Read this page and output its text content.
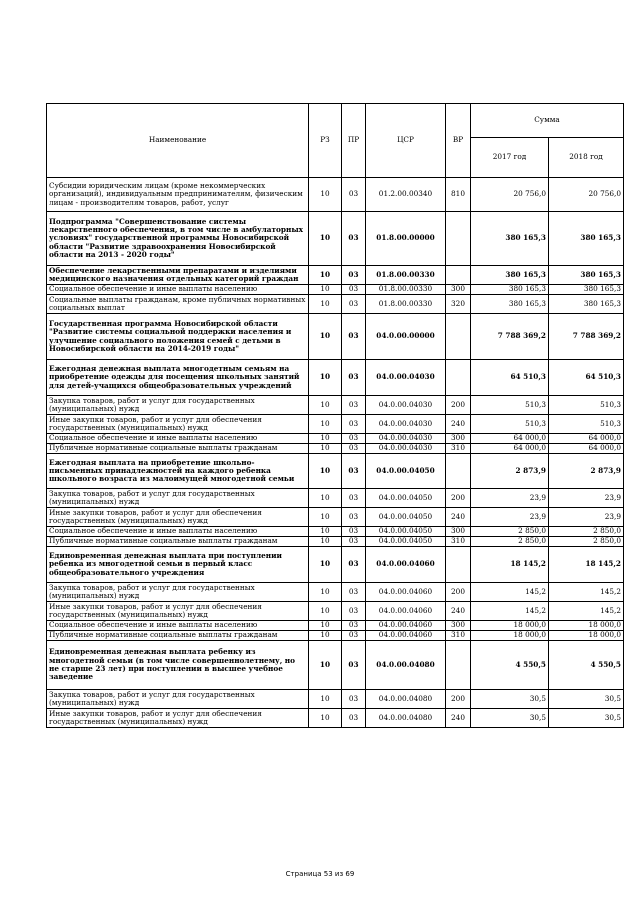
Наименование	РЗ	ПР	ЦСР	ВР	Сумма	
					2017 год	2018 год
Субсидии юридическим лицам (кроме некоммерческих организаций), индивидуальным предпринимателям, физическим лицам - производителям товаров, работ, услуг	10	03	01.2.00.00340	810	20 756,0	20 756,0
Подпрограмма "Совершенствование системы лекарственного обеспечения, в том числе в амбулаторных условиях" государственной программы Новосибирской области "Развитие здравоохранения Новосибирской области на 2013 - 2020 годы"	10	03	01.8.00.00000		380 165,3	380 165,3
Обеспечение лекарственными препаратами и изделиями медицинского назначения отдельных категорий граждан	10	03	01.8.00.00330		380 165,3	380 165,3
Социальное обеспечение и иные выплаты населению	10	03	01.8.00.00330	300	380 165,3	380 165,3
Социальные выплаты гражданам, кроме публичных нормативных социальных выплат	10	03	01.8.00.00330	320	380 165,3	380 165,3
Государственная программа Новосибирской области "Развитие системы социальной поддержки населения и улучшение социального положения семей с детьми в Новосибирской области на 2014-2019 годы"	10	03	04.0.00.00000		7 788 369,2	7 788 369,2
Ежегодная денежная выплата многодетным семьям на приобретение одежды для посещения школьных занятий для детей-учащихся общеобразовательных учреждений	10	03	04.0.00.04030		64 510,3	64 510,3
Закупка товаров, работ и услуг для государственных (муниципальных) нужд	10	03	04.0.00.04030	200	510,3	510,3
Иные закупки товаров, работ и услуг для обеспечения государственных (муниципальных) нужд	10	03	04.0.00.04030	240	510,3	510,3
Социальное обеспечение и иные выплаты населению	10	03	04.0.00.04030	300	64 000,0	64 000,0
Публичные нормативные социальные выплаты гражданам	10	03	04.0.00.04030	310	64 000,0	64 000,0
Ежегодная выплата на приобретение школьно-письменных принадлежностей на каждого ребенка школьного возраста из малоимущей многодетной семьи	10	03	04.0.00.04050		2 873,9	2 873,9
Закупка товаров, работ и услуг для государственных (муниципальных) нужд	10	03	04.0.00.04050	200	23,9	23,9
Иные закупки товаров, работ и услуг для обеспечения государственных (муниципальных) нужд	10	03	04.0.00.04050	240	23,9	23,9
Социальное обеспечение и иные выплаты населению	10	03	04.0.00.04050	300	2 850,0	2 850,0
Публичные нормативные социальные выплаты гражданам	10	03	04.0.00.04050	310	2 850,0	2 850,0
Единовременная денежная выплата при поступлении ребенка из многодетной семьи в первый класс общеобразовательного учреждения	10	03	04.0.00.04060		18 145,2	18 145,2
Закупка товаров, работ и услуг для государственных (муниципальных) нужд	10	03	04.0.00.04060	200	145,2	145,2
Иные закупки товаров, работ и услуг для обеспечения государственных (муниципальных) нужд	10	03	04.0.00.04060	240	145,2	145,2
Социальное обеспечение и иные выплаты населению	10	03	04.0.00.04060	300	18 000,0	18 000,0
Публичные нормативные социальные выплаты гражданам	10	03	04.0.00.04060	310	18 000,0	18 000,0
Единовременная денежная выплата ребенку из многодетной семьи (в том числе совершеннолетнему, но не старше 23 лет) при поступлении в высшее учебное заведение	10	03	04.0.00.04080		4 550,5	4 550,5
Закупка товаров, работ и услуг для государственных (муниципальных) нужд	10	03	04.0.00.04080	200	30,5	30,5
Иные закупки товаров, работ и услуг для обеспечения государственных (муниципальных) нужд	10	03	04.0.00.04080	240	30,5	30,5
Страница 53 из 69
